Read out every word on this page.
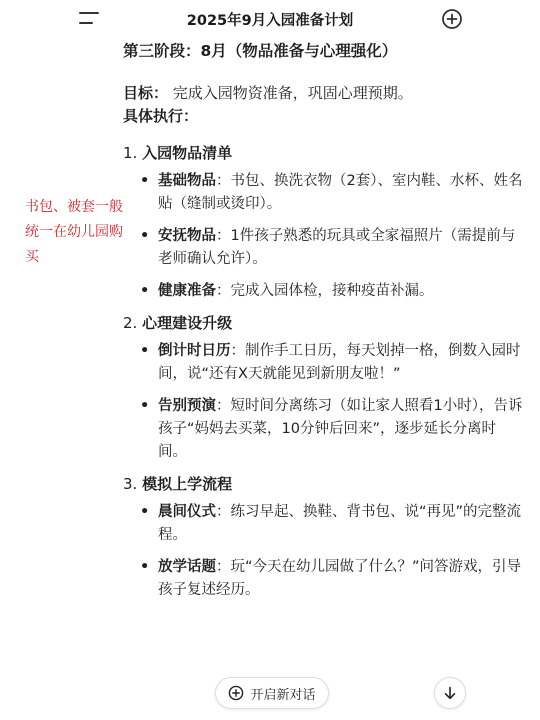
2025年9月入园准备计划
第三阶段：8月（物品准备与心理强化）
目标： 完成入园物资准备，巩固心理预期。
具体执行：
1. 入园物品清单
• 基础物品：书包、换洗衣物（2套）、室内鞋、水杯、姓名贴（缝制或烫印）。
• 安抚物品：1件孩子熟悉的玩具或全家福照片（需提前与老师确认允许）。
• 健康准备：完成入园体检，接种疫苗补漏。
2. 心理建设升级
• 倒计时日历：制作手工日历，每天划掉一格，倒数入园时间，说“还有X天就能见到新朋友啦！”
• 告别预演：短时间分离练习（如让家人照看1小时），告诉孩子“妈妈去买菜，10分钟后回来”，逐步延长分离时间。
3. 模拟上学流程
• 晨间仪式：练习早起、换鞋、背书包、说“再见”的完整流程。
• 放学话题：玩“今天在幼儿园做了什么？”问答游戏，引导孩子复述经历。
书包、被套一般统一在幼儿园购买
开启新对话
